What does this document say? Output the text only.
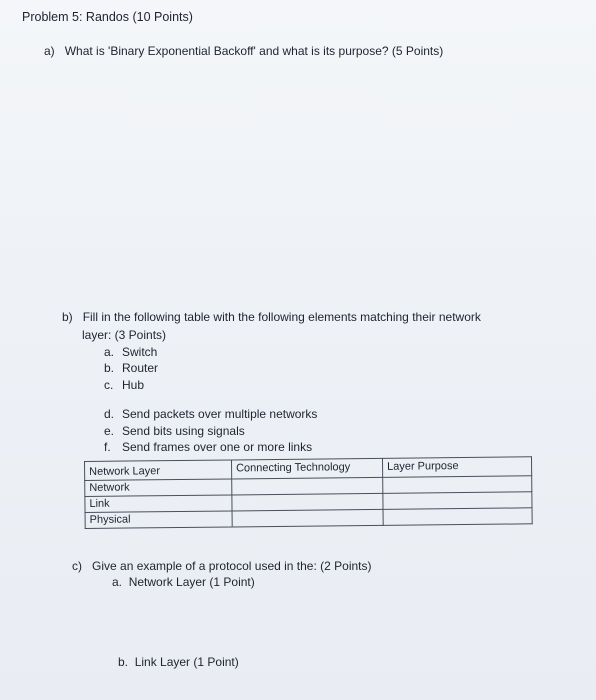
Problem 5: Randos (10 Points)
a) What is 'Binary Exponential Backoff' and what is its purpose? (5 Points)
b) Fill in the following table with the following elements matching their network
layer: (3 Points)
a. Switch
b. Router
c. Hub
d. Send packets over multiple networks
e. Send bits using signals
f. Send frames over one or more links
Network Layer	Connecting Technology	Layer Purpose
Network		
Link		
Physical		
c) Give an example of a protocol used in the: (2 Points)
a. Network Layer (1 Point)
b. Link Layer (1 Point)
